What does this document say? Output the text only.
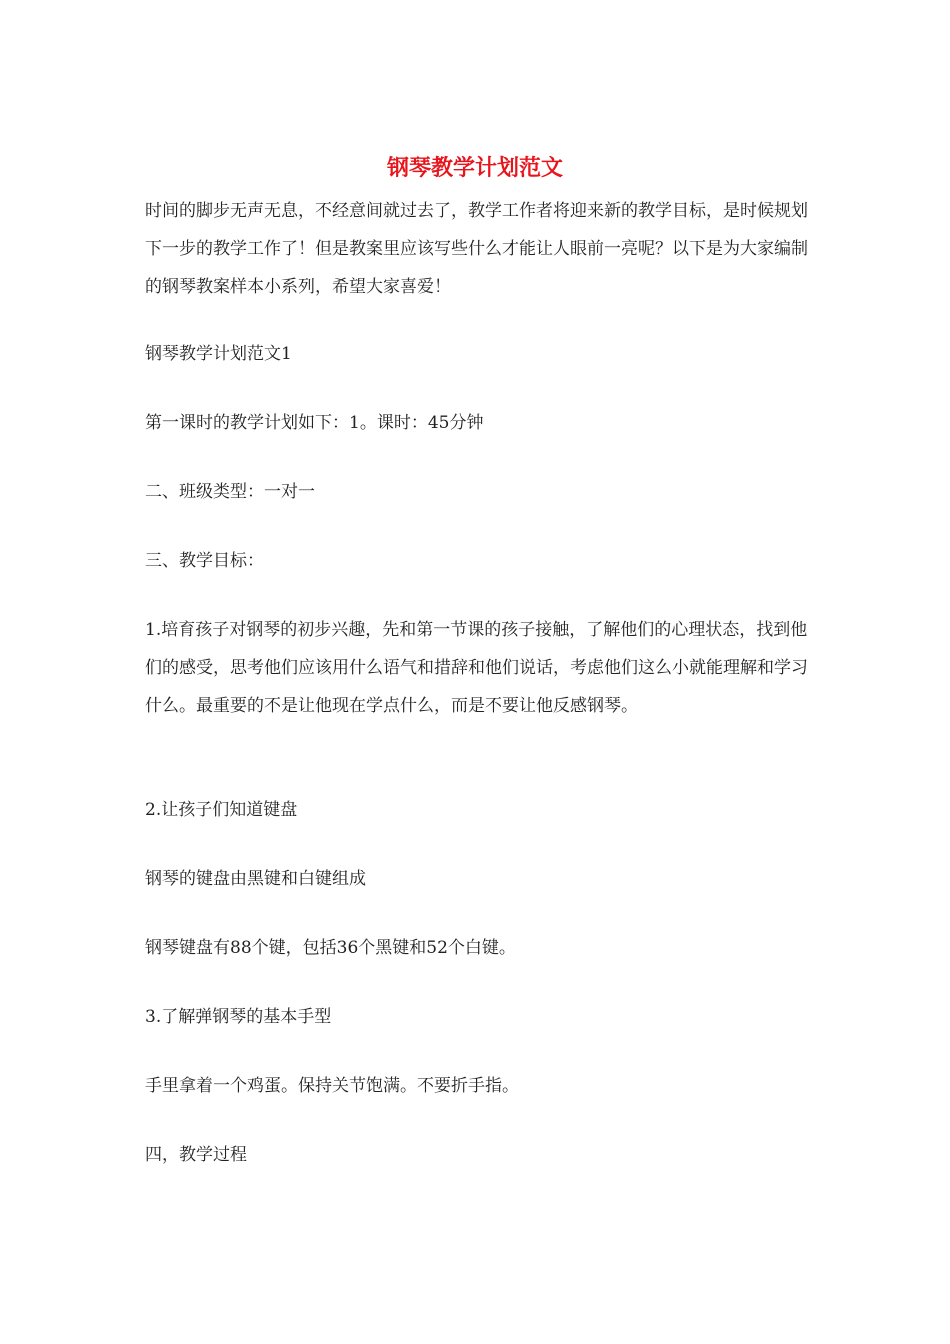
钢琴教学计划范文

时间的脚步无声无息，不经意间就过去了，教学工作者将迎来新的教学目标，是时候规划下一步的教学工作了！但是教案里应该写些什么才能让人眼前一亮呢？以下是为大家编制的钢琴教案样本小系列，希望大家喜爱！

钢琴教学计划范文1

第一课时的教学计划如下：1。课时：45分钟

二、班级类型：一对一

三、教学目标：

1.培育孩子对钢琴的初步兴趣，先和第一节课的孩子接触，了解他们的心理状态，找到他们的感受，思考他们应该用什么语气和措辞和他们说话，考虑他们这么小就能理解和学习什么。最重要的不是让他现在学点什么，而是不要让他反感钢琴。

2.让孩子们知道键盘

钢琴的键盘由黑键和白键组成

钢琴键盘有88个键，包括36个黑键和52个白键。

3.了解弹钢琴的基本手型

手里拿着一个鸡蛋。保持关节饱满。不要折手指。

四，教学过程
